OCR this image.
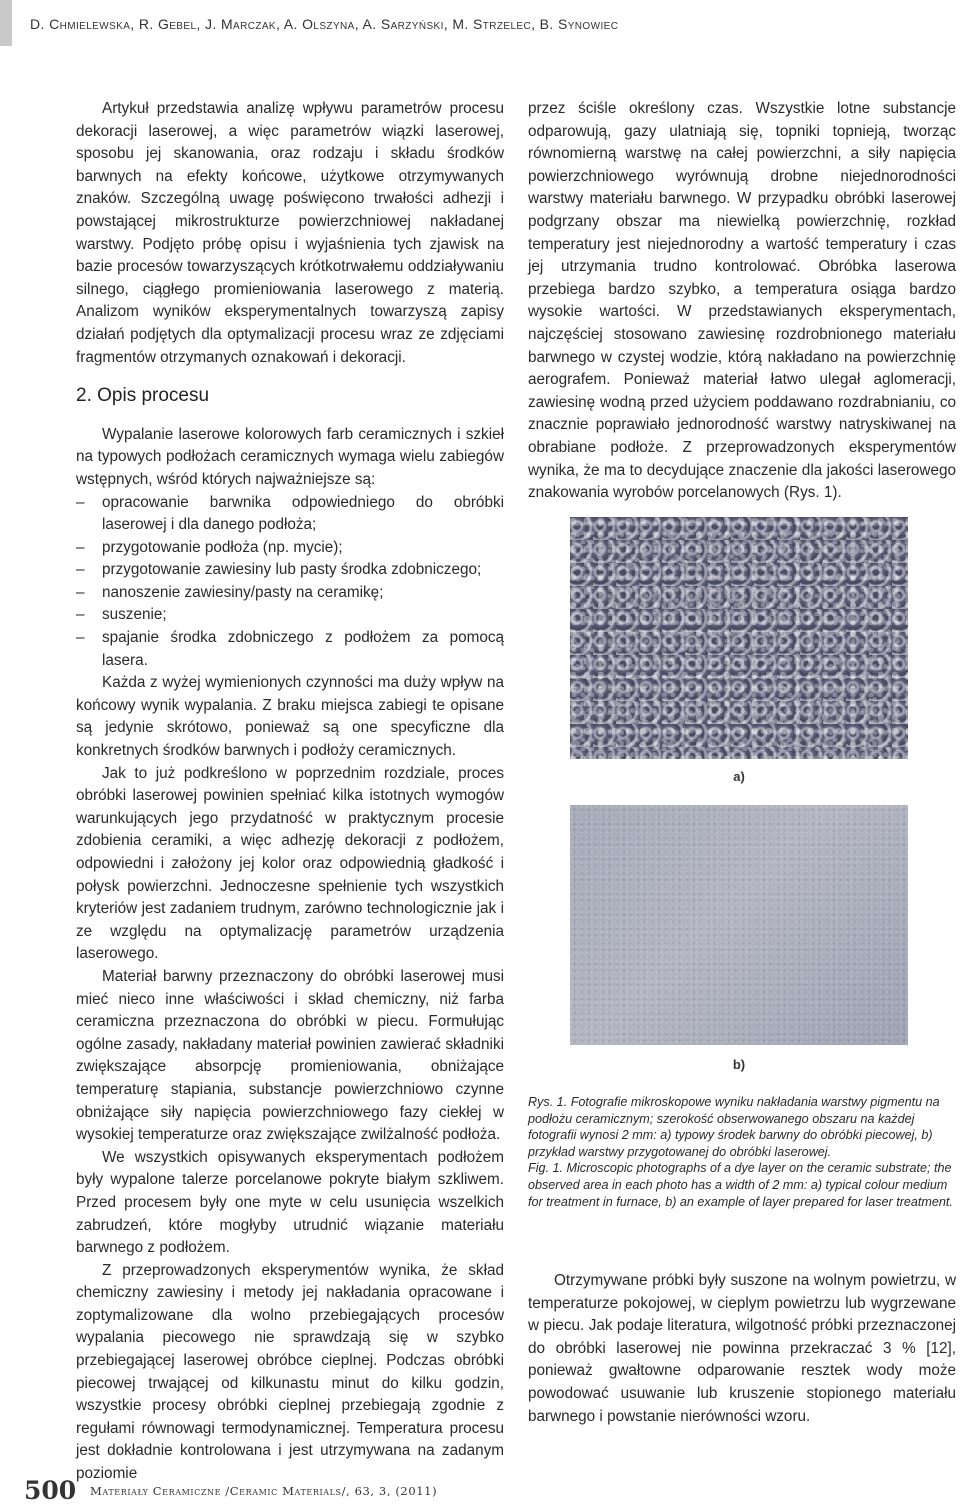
D. Chmielewska, R. Gebel, J. Marczak, A. Olszyna, A. Sarzyński, M. Strzelec, B. Synowiec

Artykuł przedstawia analizę wpływu parametrów procesu dekoracji laserowej, a więc parametrów wiązki laserowej, sposobu jej skanowania, oraz rodzaju i składu środków barwnych na efekty końcowe, użytkowe otrzymywanych znaków. Szczególną uwagę poświęcono trwałości adhezji i powstającej mikrostrukturze powierzchniowej nakładanej warstwy. Podjęto próbę opisu i wyjaśnienia tych zjawisk na bazie procesów towarzyszących krótkotrwałemu oddziaływaniu silnego, ciągłego promieniowania laserowego z materią. Analizom wyników eksperymentalnych towarzyszą zapisy działań podjętych dla optymalizacji procesu wraz ze zdjęciami fragmentów otrzymanych oznakowań i dekoracji.

2. Opis procesu

Wypalanie laserowe kolorowych farb ceramicznych i szkieł na typowych podłożach ceramicznych wymaga wielu zabiegów wstępnych, wśród których najważniejsze są:

– opracowanie barwnika odpowiedniego do obróbki laserowej i dla danego podłoża;
– przygotowanie podłoża (np. mycie);
– przygotowanie zawiesiny lub pasty środka zdobniczego;
– nanoszenie zawiesiny/pasty na ceramikę;
– suszenie;
– spajanie środka zdobniczego z podłożem za pomocą lasera.

Każda z wyżej wymienionych czynności ma duży wpływ na końcowy wynik wypalania. Z braku miejsca zabiegi te opisane są jedynie skrótowo, ponieważ są one specyficzne dla konkretnych środków barwnych i podłoży ceramicznych.

Jak to już podkreślono w poprzednim rozdziale, proces obróbki laserowej powinien spełniać kilka istotnych wymogów warunkujących jego przydatność w praktycznym procesie zdobienia ceramiki, a więc adhezję dekoracji z podłożem, odpowiedni i założony jej kolor oraz odpowiednią gładkość i połysk powierzchni. Jednoczesne spełnienie tych wszystkich kryteriów jest zadaniem trudnym, zarówno technologicznie jak i ze względu na optymalizację parametrów urządzenia laserowego.

Materiał barwny przeznaczony do obróbki laserowej musi mieć nieco inne właściwości i skład chemiczny, niż farba ceramiczna przeznaczona do obróbki w piecu. Formułując ogólne zasady, nakładany materiał powinien zawierać składniki zwiększające absorpcję promieniowania, obniżające temperaturę stapiania, substancje powierzchniowo czynne obniżające siły napięcia powierzchniowego fazy ciekłej w wysokiej temperaturze oraz zwiększające zwilżalność podłoża.

We wszystkich opisywanych eksperymentach podłożem były wypalone talerze porcelanowe pokryte białym szkliwem. Przed procesem były one myte w celu usunięcia wszelkich zabrudzeń, które mogłyby utrudnić wiązanie materiału barwnego z podłożem.

Z przeprowadzonych eksperymentów wynika, że skład chemiczny zawiesiny i metody jej nakładania opracowane i zoptymalizowane dla wolno przebiegających procesów wypalania piecowego nie sprawdzają się w szybko przebiegającej laserowej obróbce cieplnej. Podczas obróbki piecowej trwającej od kilkunastu minut do kilku godzin, wszystkie procesy obróbki cieplnej przebiegają zgodnie z regułami równowagi termodynamicznej. Temperatura procesu jest dokładnie kontrolowana i jest utrzymywana na zadanym poziomie

przez ściśle określony czas. Wszystkie lotne substancje odparowują, gazy ulatniają się, topniki topnieją, tworząc równomierną warstwę na całej powierzchni, a siły napięcia powierzchniowego wyrównują drobne niejednorodności warstwy materiału barwnego. W przypadku obróbki laserowej podgrzany obszar ma niewielką powierzchnię, rozkład temperatury jest niejednorodny a wartość temperatury i czas jej utrzymania trudno kontrolować. Obróbka laserowa przebiega bardzo szybko, a temperatura osiąga bardzo wysokie wartości. W przedstawianych eksperymentach, najczęściej stosowano zawiesinę rozdrobnionego materiału barwnego w czystej wodzie, którą nakładano na powierzchnię aerografem. Ponieważ materiał łatwo ulegał aglomeracji, zawiesinę wodną przed użyciem poddawano rozdrabnianiu, co znacznie poprawiało jednorodność warstwy natryskiwanej na obrabiane podłoże. Z przeprowadzonych eksperymentów wynika, że ma to decydujące znaczenie dla jakości laserowego znakowania wyrobów porcelanowych (Rys. 1).

a)
b)

Rys. 1. Fotografie mikroskopowe wyniku nakładania warstwy pigmentu na podłożu ceramicznym; szerokość obserwowanego obszaru na każdej fotografii wynosi 2 mm: a) typowy środek barwny do obróbki piecowej, b) przykład warstwy przygotowanej do obróbki laserowej.

Fig. 1. Microscopic photographs of a dye layer on the ceramic substrate; the observed area in each photo has a width of 2 mm: a) typical colour medium for treatment in furnace, b) an example of layer prepared for laser treatment.

Otrzymywane próbki były suszone na wolnym powietrzu, w temperaturze pokojowej, w cieplym powietrzu lub wygrzewane w piecu. Jak podaje literatura, wilgotność próbki przeznaczonej do obróbki laserowej nie powinna przekraczać 3 % [12], ponieważ gwałtowne odparowanie resztek wody może powodować usuwanie lub kruszenie stopionego materiału barwnego i powstanie nierówności wzoru.

500 Materiały Ceramiczne /Ceramic Materials/, 63, 3, (2011)
